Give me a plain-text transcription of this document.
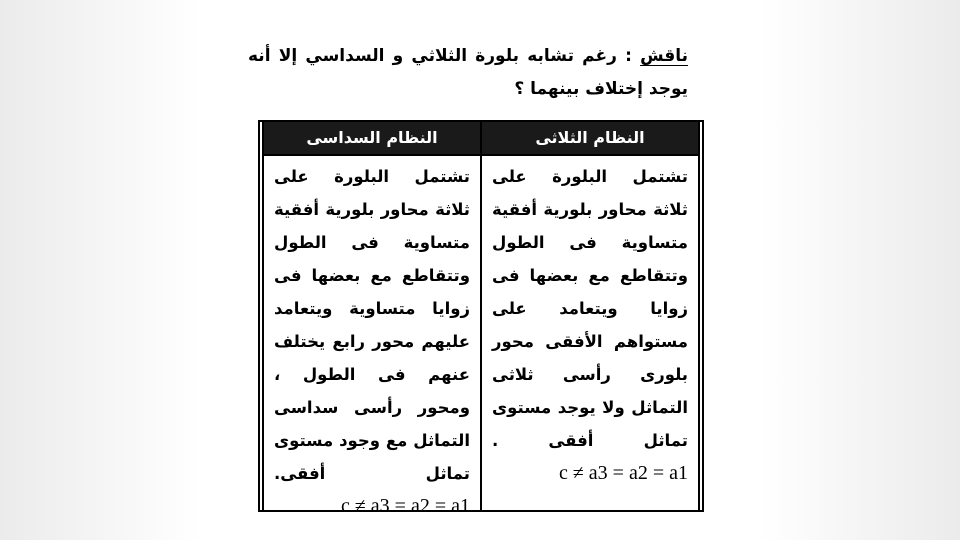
ناقش : رغم تشابه بلورة الثلاثي و السداسي إلا أنه يوجد إختلاف بينهما ؟
النظام الثلاثى
تشتمل البلورة على ثلاثة محاور بلورية أفقية متساوية فى الطول وتتقاطع مع بعضها فى زوايا ويتعامد على مستواهم الأفقى محور بلورى رأسى ثلاثى التماثل ولا يوجد مستوى تماثل أفقى .
c ≠ a3 = a2 = a1
النظام السداسى
تشتمل البلورة على ثلاثة محاور بلورية أفقية متساوية فى الطول وتتقاطع مع بعضها فى زوايا متساوية ويتعامد عليهم محور رابع يختلف عنهم فى الطول ، ومحور رأسى سداسى التماثل مع وجود مستوى تماثل أفقى.
c ≠ a3 = a2 = a1
